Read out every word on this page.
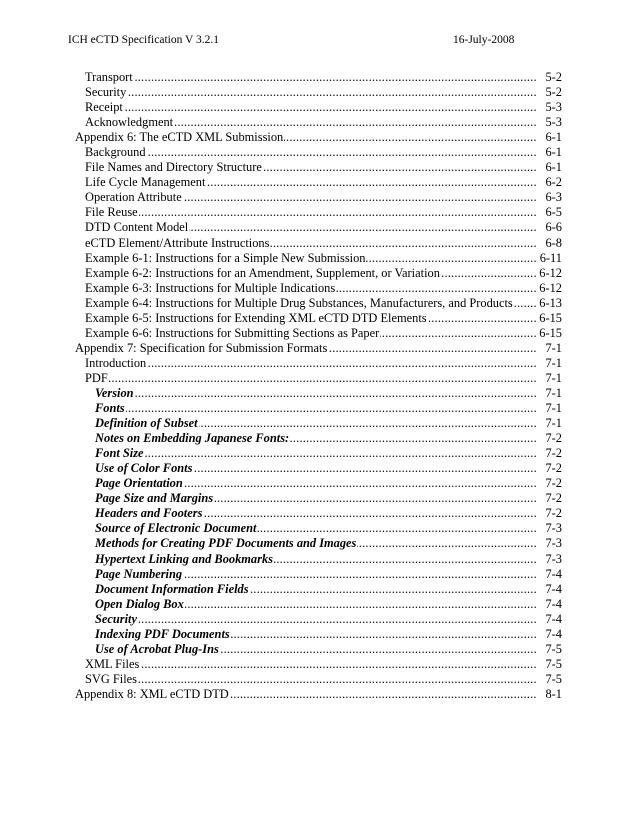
ICH eCTD Specification V 3.2.1	16-July-2008
.....
Transport	5-2
.....
Security	5-2
.....
Receipt	5-3
.....
Acknowledgment	5-3
.....
Appendix 6: The eCTD XML Submission	6-1
.....
Background	6-1
.....
File Names and Directory Structure	6-1
.....
Life Cycle Management	6-2
.....
Operation Attribute	6-3
.....
File Reuse	6-5
.....
DTD Content Model	6-6
.....
eCTD Element/Attribute Instructions	6-8
.....
Example 6-1: Instructions for a Simple New Submission	6-11
.....
Example 6-2: Instructions for an Amendment, Supplement, or Variation	6-12
.....
Example 6-3: Instructions for Multiple Indications	6-12
.....
Example 6-4: Instructions for Multiple Drug Substances, Manufacturers, and Products 6-13
.....
Example 6-5: Instructions for Extending XML eCTD DTD Elements	6-15
.....
Example 6-6: Instructions for Submitting Sections as Paper	6-15
.....
Appendix 7: Specification for Submission Formats	7-1
.....
Introduction	7-1
.....
PDF	7-1
.....
Version	7-1
.....
Fonts	7-1
.....
Definition of Subset	7-1
.....
Notes on Embedding Japanese Fonts:	7-2
.....
Font Size	7-2
.....
Use of Color Fonts	7-2
.....
Page Orientation	7-2
.....
Page Size and Margins	7-2
.....
Headers and Footers	7-2
.....
Source of Electronic Document	7-3
.....
Methods for Creating PDF Documents and Images	7-3
.....
Hypertext Linking and Bookmarks	7-3
.....
Page Numbering	7-4
.....
Document Information Fields	7-4
.....
Open Dialog Box	7-4
.....
Security	7-4
.....
Indexing PDF Documents	7-4
.....
Use of Acrobat Plug-Ins	7-5
.....
XML Files	7-5
.....
SVG Files	7-5
.....
Appendix 8: XML eCTD DTD	8-1
